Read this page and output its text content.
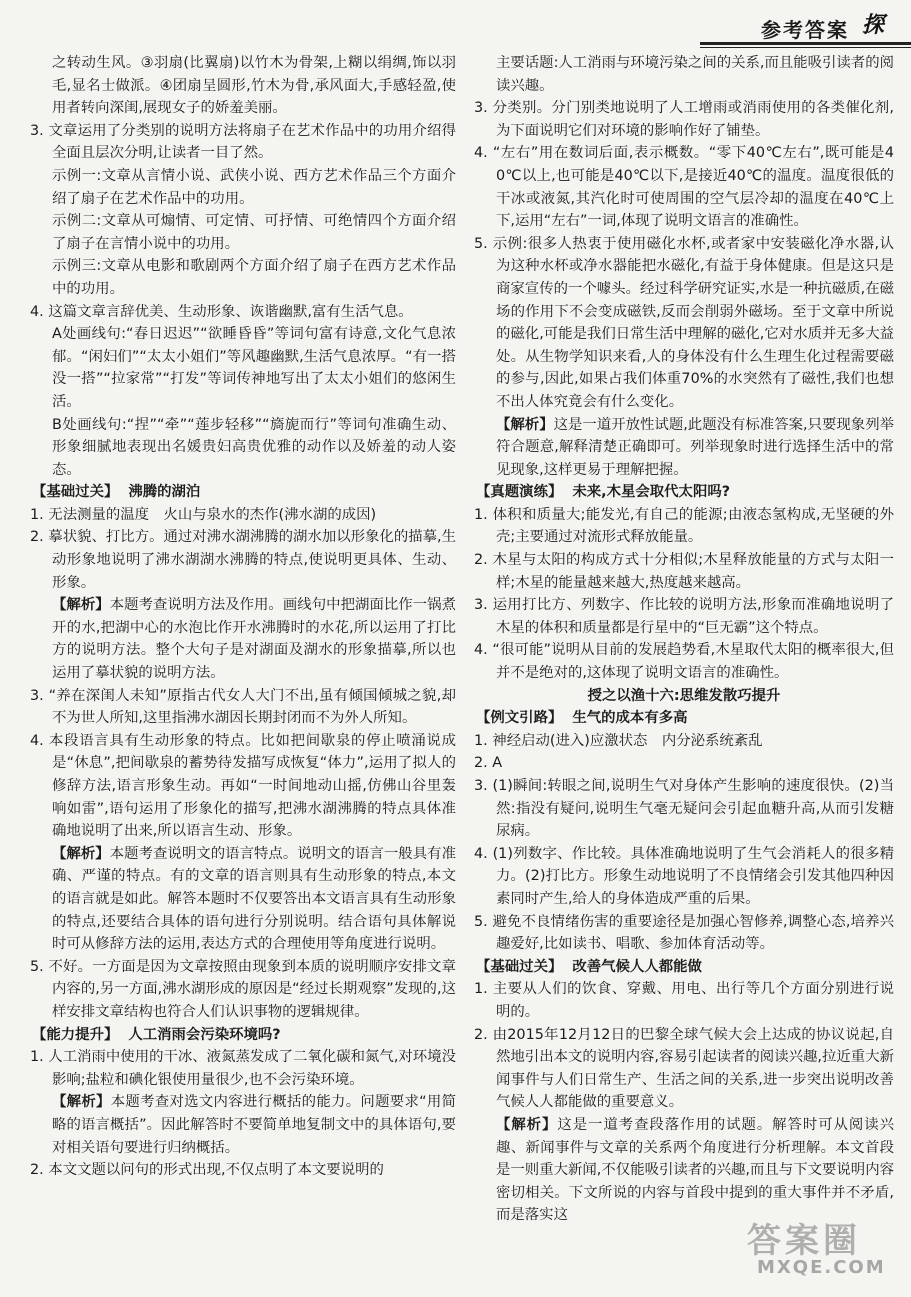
参考答案 探

之转动生风。③羽扇(比翼扇)以竹木为骨架,上糊以绢绸,饰以羽毛,显名士做派。④团扇呈圆形,竹木为骨,承风面大,手感轻盈,使用者转向深闺,展现女子的娇羞美丽。

3. 文章运用了分类别的说明方法将扇子在艺术作品中的功用介绍得全面且层次分明,让读者一目了然。

示例一:文章从言情小说、武侠小说、西方艺术作品三个方面介绍了扇子在艺术作品中的功用。

示例二:文章从可煽情、可定情、可抒情、可绝情四个方面介绍了扇子在言情小说中的功用。

示例三:文章从电影和歌剧两个方面介绍了扇子在西方艺术作品中的功用。

4. 这篇文章言辞优美、生动形象、诙谐幽默,富有生活气息。

A处画线句:“春日迟迟”“欲睡昏昏”等词句富有诗意,文化气息浓郁。“闲妇们”“太太小姐们”等风趣幽默,生活气息浓厚。“有一搭没一搭”“拉家常”“打发”等词传神地写出了太太小姐们的悠闲生活。

B处画线句:“捏”“牵”“莲步轻移”“旖旎而行”等词句准确生动、形象细腻地表现出名媛贵妇高贵优雅的动作以及娇羞的动人姿态。

【基础过关】 沸腾的湖泊

1. 无法测量的温度　火山与泉水的杰作(沸水湖的成因)

2. 摹状貌、打比方。通过对沸水湖沸腾的湖水加以形象化的描摹,生动形象地说明了沸水湖湖水沸腾的特点,使说明更具体、生动、形象。

【解析】本题考查说明方法及作用。画线句中把湖面比作一锅煮开的水,把湖中心的水泡比作开水沸腾时的水花,所以运用了打比方的说明方法。整个大句子是对湖面及湖水的形象描摹,所以也运用了摹状貌的说明方法。

3. “养在深闺人未知”原指古代女人大门不出,虽有倾国倾城之貌,却不为世人所知,这里指沸水湖因长期封闭而不为外人所知。

4. 本段语言具有生动形象的特点。比如把间歇泉的停止喷涌说成是“休息”,把间歇泉的蓄势待发描写成恢复“体力”,运用了拟人的修辞方法,语言形象生动。再如“一时间地动山摇,仿佛山谷里轰响如雷”,语句运用了形象化的描写,把沸水湖沸腾的特点具体准确地说明了出来,所以语言生动、形象。

【解析】本题考查说明文的语言特点。说明文的语言一般具有准确、严谨的特点。有的文章的语言则具有生动形象的特点,本文的语言就是如此。解答本题时不仅要答出本文语言具有生动形象的特点,还要结合具体的语句进行分别说明。结合语句具体解说时可从修辞方法的运用,表达方式的合理使用等角度进行说明。

5. 不好。一方面是因为文章按照由现象到本质的说明顺序安排文章内容的,另一方面,沸水湖形成的原因是“经过长期观察”发现的,这样安排文章结构也符合人们认识事物的逻辑规律。

【能力提升】 人工消雨会污染环境吗?

1. 人工消雨中使用的干冰、液氮蒸发成了二氧化碳和氮气,对环境没影响;盐粒和碘化银使用量很少,也不会污染环境。

【解析】本题考查对选文内容进行概括的能力。问题要求“用简略的语言概括”。因此解答时不要简单地复制文中的具体语句,要对相关语句要进行归纳概括。

2. 本文文题以问句的形式出现,不仅点明了本文要说明的

主要话题:人工消雨与环境污染之间的关系,而且能吸引读者的阅读兴趣。

3. 分类别。分门别类地说明了人工增雨或消雨使用的各类催化剂,为下面说明它们对环境的影响作好了铺垫。

4. “左右”用在数词后面,表示概数。“零下40℃左右”,既可能是40℃以上,也可能是40℃以下,是接近40℃的温度。温度很低的干冰或液氮,其汽化时可使周围的空气层冷却的温度在40℃上下,运用“左右”一词,体现了说明文语言的准确性。

5. 示例:很多人热衷于使用磁化水杯,或者家中安装磁化净水器,认为这种水杯或净水器能把水磁化,有益于身体健康。但是这只是商家宣传的一个噱头。经过科学研究证实,水是一种抗磁质,在磁场的作用下不会变成磁铁,反而会削弱外磁场。至于文章中所说的磁化,可能是我们日常生活中理解的磁化,它对水质并无多大益处。从生物学知识来看,人的身体没有什么生理生化过程需要磁的参与,因此,如果占我们体重70%的水突然有了磁性,我们也想不出人体究竟会有什么变化。

【解析】这是一道开放性试题,此题没有标准答案,只要现象列举符合题意,解释清楚正确即可。列举现象时进行选择生活中的常见现象,这样更易于理解把握。

【真题演练】 未来,木星会取代太阳吗?

1. 体积和质量大;能发光,有自己的能源;由液态氢构成,无坚硬的外壳;主要通过对流形式释放能量。

2. 木星与太阳的构成方式十分相似;木星释放能量的方式与太阳一样;木星的能量越来越大,热度越来越高。

3. 运用打比方、列数字、作比较的说明方法,形象而准确地说明了木星的体积和质量都是行星中的“巨无霸”这个特点。

4. “很可能”说明从目前的发展趋势看,木星取代太阳的概率很大,但并不是绝对的,这体现了说明文语言的准确性。

授之以渔十六:思维发散巧提升

【例文引路】 生气的成本有多高

1. 神经启动(进入)应激状态　内分泌系统紊乱

2. A

3. (1)瞬间:转眼之间,说明生气对身体产生影响的速度很快。(2)当然:指没有疑问,说明生气毫无疑问会引起血糖升高,从而引发糖尿病。

4. (1)列数字、作比较。具体准确地说明了生气会消耗人的很多精力。(2)打比方。形象生动地说明了不良情绪会引发其他四种因素同时产生,给人的身体造成严重的后果。

5. 避免不良情绪伤害的重要途径是加强心智修养,调整心态,培养兴趣爱好,比如读书、唱歌、参加体育活动等。

【基础过关】 改善气候人人都能做

1. 主要从人们的饮食、穿戴、用电、出行等几个方面分别进行说明的。

2. 由2015年12月12日的巴黎全球气候大会上达成的协议说起,自然地引出本文的说明内容,容易引起读者的阅读兴趣,拉近重大新闻事件与人们日常生产、生活之间的关系,进一步突出说明改善气候人人都能做的重要意义。

【解析】这是一道考查段落作用的试题。解答时可从阅读兴趣、新闻事件与文章的关系两个角度进行分析理解。本文首段是一则重大新闻,不仅能吸引读者的兴趣,而且与下文要说明内容密切相关。下文所说的内容与首段中提到的重大事件并不矛盾,而是落实这

答案圈
MXQE.COM
